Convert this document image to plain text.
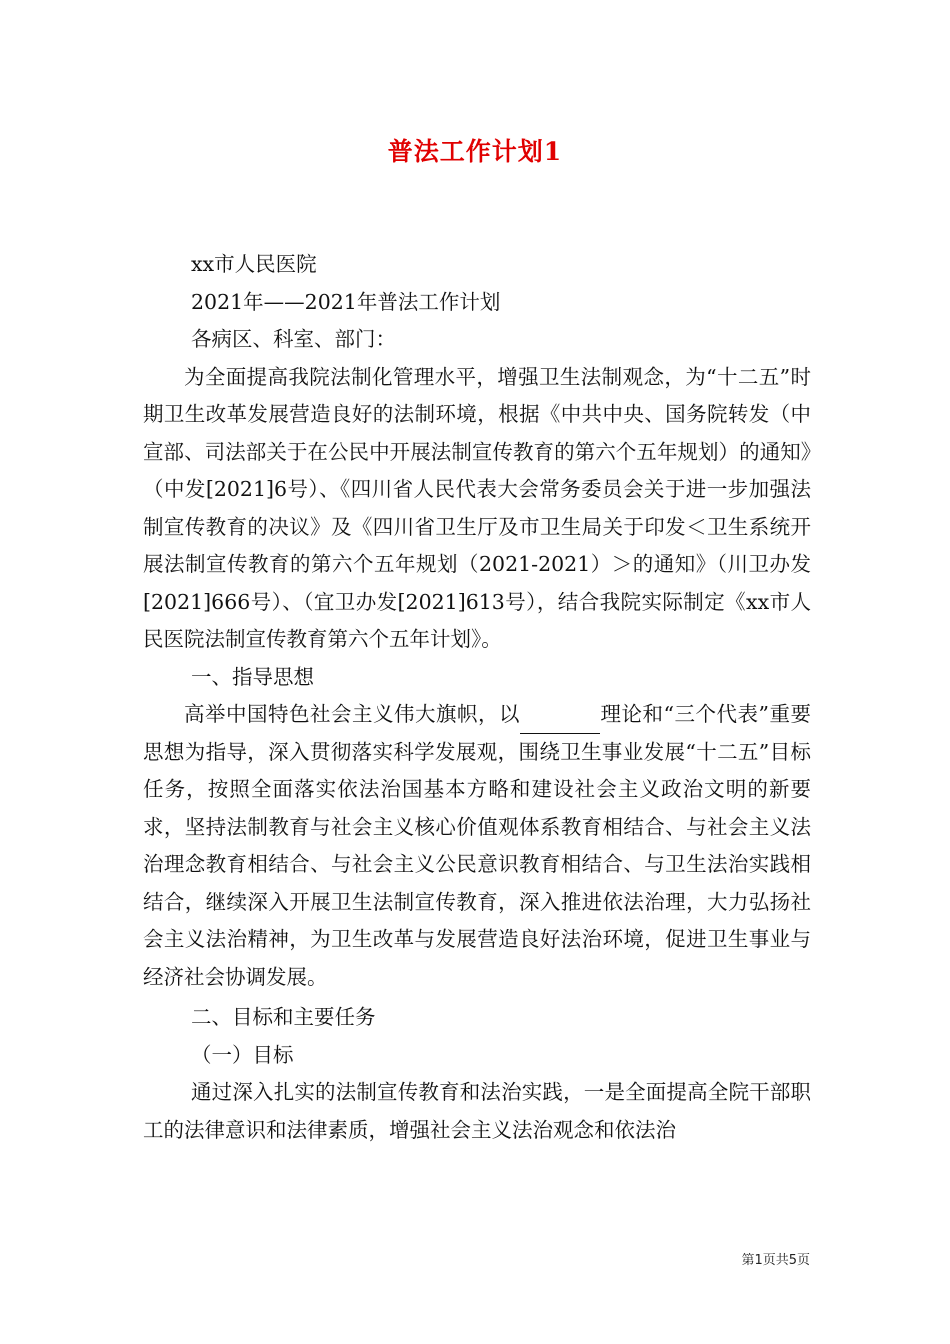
普法工作计划1

xx市人民医院

2021年——2021年普法工作计划

各病区、科室、部门：

为全面提高我院法制化管理水平，增强卫生法制观念，为“十二五”时期卫生改革发展营造良好的法制环境，根据《中共中央、国务院转发（中宣部、司法部关于在公民中开展法制宣传教育的第六个五年规划）的通知》（中发[2021]6号）、《四川省人民代表大会常务委员会关于进一步加强法制宣传教育的决议》及《四川省卫生厅及市卫生局关于印发＜卫生系统开展法制宣传教育的第六个五年规划（2021-2021）＞的通知》（川卫办发[2021]666号）、（宜卫办发[2021]613号），结合我院实际制定《xx市人民医院法制宣传教育第六个五年计划》。

一、指导思想

高举中国特色社会主义伟大旗帜，以	理论和“三个代表”重要思想为指导，深入贯彻落实科学发展观，围绕卫生事业发展“十二五”目标任务，按照全面落实依法治国基本方略和建设社会主义政治文明的新要求，坚持法制教育与社会主义核心价值观体系教育相结合、与社会主义法治理念教育相结合、与社会主义公民意识教育相结合、与卫生法治实践相结合，继续深入开展卫生法制宣传教育，深入推进依法治理，大力弘扬社会主义法治精神，为卫生改革与发展营造良好法治环境，促进卫生事业与经济社会协调发展。

二、目标和主要任务

（一）目标

通过深入扎实的法制宣传教育和法治实践，一是全面提高全院干部职工的法律意识和法律素质，增强社会主义法治观念和依法治

第1页共5页
